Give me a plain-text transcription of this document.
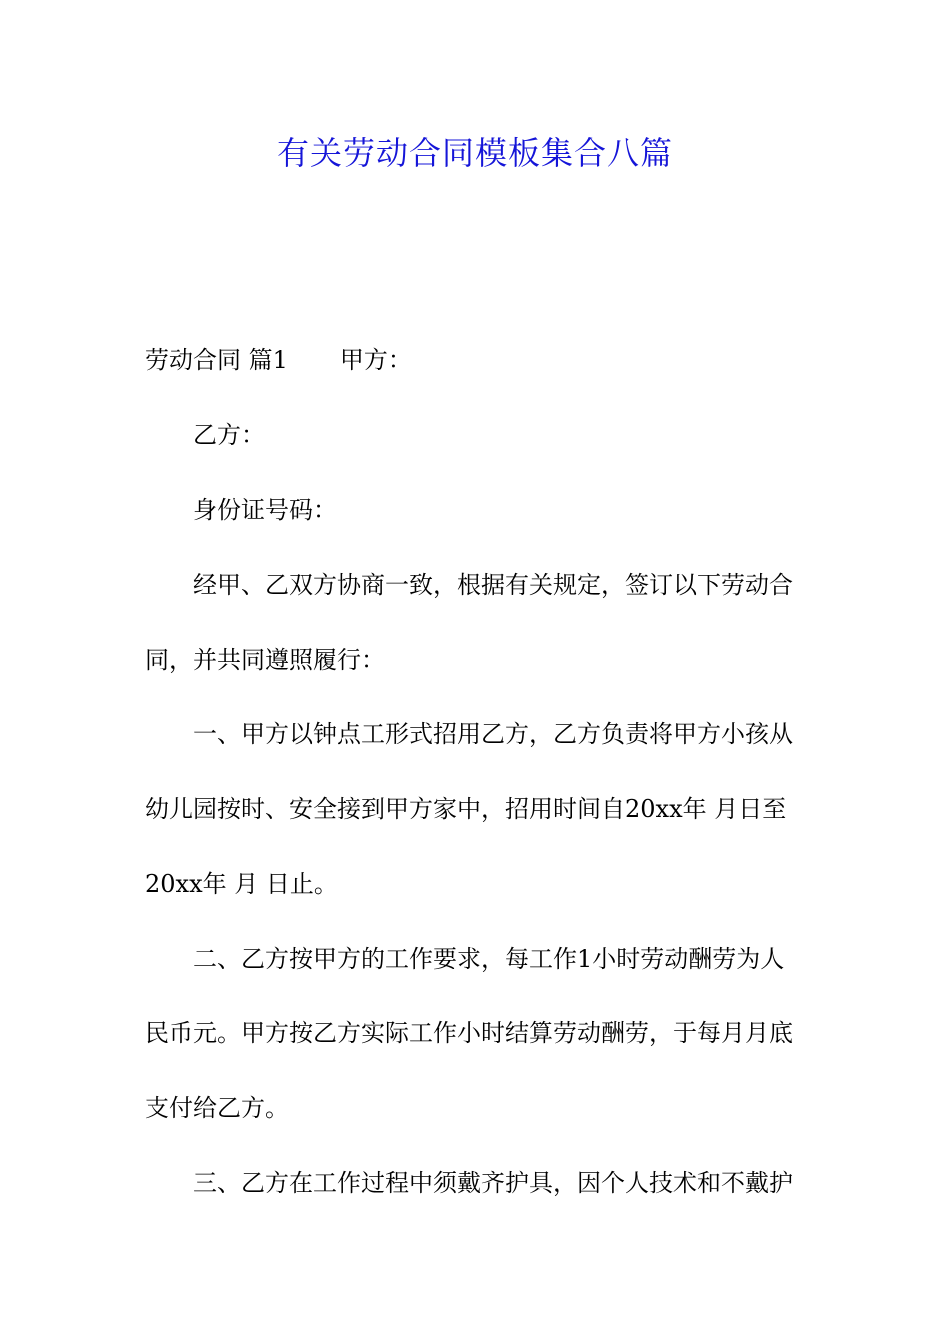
有关劳动合同模板集合八篇

劳动合同 篇1 甲方：

乙方：

身份证号码：

经甲、乙双方协商一致，根据有关规定，签订以下劳动合

同，并共同遵照履行：

一、甲方以钟点工形式招用乙方，乙方负责将甲方小孩从

幼儿园按时、安全接到甲方家中，招用时间自20xx年 月日至

20xx年 月 日止。

二、乙方按甲方的工作要求，每工作1小时劳动酬劳为人

民币元。甲方按乙方实际工作小时结算劳动酬劳，于每月月底

支付给乙方。

三、乙方在工作过程中须戴齐护具，因个人技术和不戴护
